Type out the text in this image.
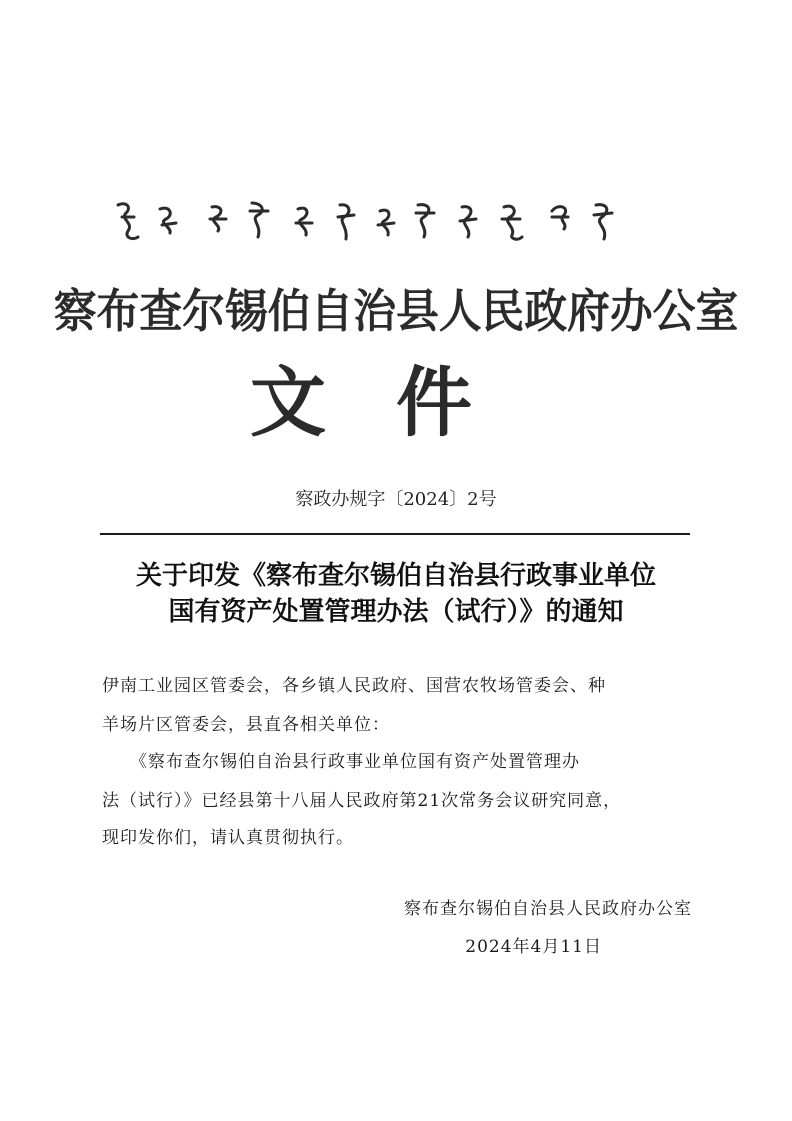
察布查尔锡伯自治县人民政府办公室
文件
察政办规字〔2024〕2号
关于印发《察布查尔锡伯自治县行政事业单位
国有资产处置管理办法（试行）》的通知
伊南工业园区管委会，各乡镇人民政府、国营农牧场管委会、种
羊场片区管委会，县直各相关单位：
《察布查尔锡伯自治县行政事业单位国有资产处置管理办
法（试行）》已经县第十八届人民政府第21次常务会议研究同意，
现印发你们，请认真贯彻执行。
察布查尔锡伯自治县人民政府办公室
2024年4月11日
